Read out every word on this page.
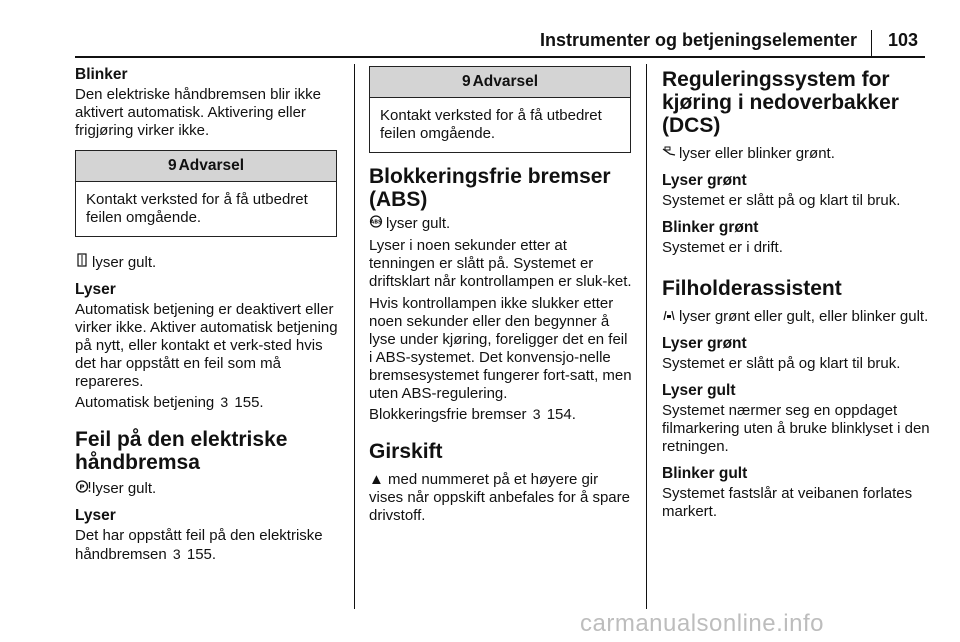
Instrumenter og betjeningselementer 103
Blinker

Den elektriske håndbremsen blir ikke aktivert automatisk. Aktivering eller frigjøring virker ikke.

9 Advarsel
Kontakt verksted for å få utbedret feilen omgående.

lyser gult.

Lyser

Automatisk betjening er deaktivert eller virker ikke. Aktiver automatisk betjening på nytt, eller kontakt et verk-sted hvis det har oppstått en feil som må repareres.

Automatisk betjening 3 155.

Feil på den elektriske håndbremsa

P lyser gult.

Lyser

Det har oppstått feil på den elektriske håndbremsen 3 155.

9 Advarsel
Kontakt verksted for å få utbedret feilen omgående.
Blokkeringsfrie bremser (ABS)

ABS lyser gult.

Lyser i noen sekunder etter at tenningen er slått på. Systemet er driftsklart når kontrollampen er sluk-ket.

Hvis kontrollampen ikke slukker etter noen sekunder eller den begynner å lyse under kjøring, foreligger det en feil i ABS-systemet. Det konvensjo-nelle bremsesystemet fungerer fort-satt, men uten ABS-regulering.

Blokkeringsfrie bremser 3 154.

Girskift

▲ med nummeret på et høyere gir vises når oppskift anbefales for å spare drivstoff.

Reguleringssystem for kjøring i nedoverbakker (DCS)

lyser eller blinker grønt.

Lyser grønt

Systemet er slått på og klart til bruk.

Blinker grønt

Systemet er i drift.

Filholderassistent

lyser grønt eller gult, eller blinker gult.

Lyser grønt

Systemet er slått på og klart til bruk.

Lyser gult

Systemet nærmer seg en oppdaget filmarkering uten å bruke blinklyset i den retningen.

Blinker gult

Systemet fastslår at veibanen forlates markert.

carmanualsonline.info
